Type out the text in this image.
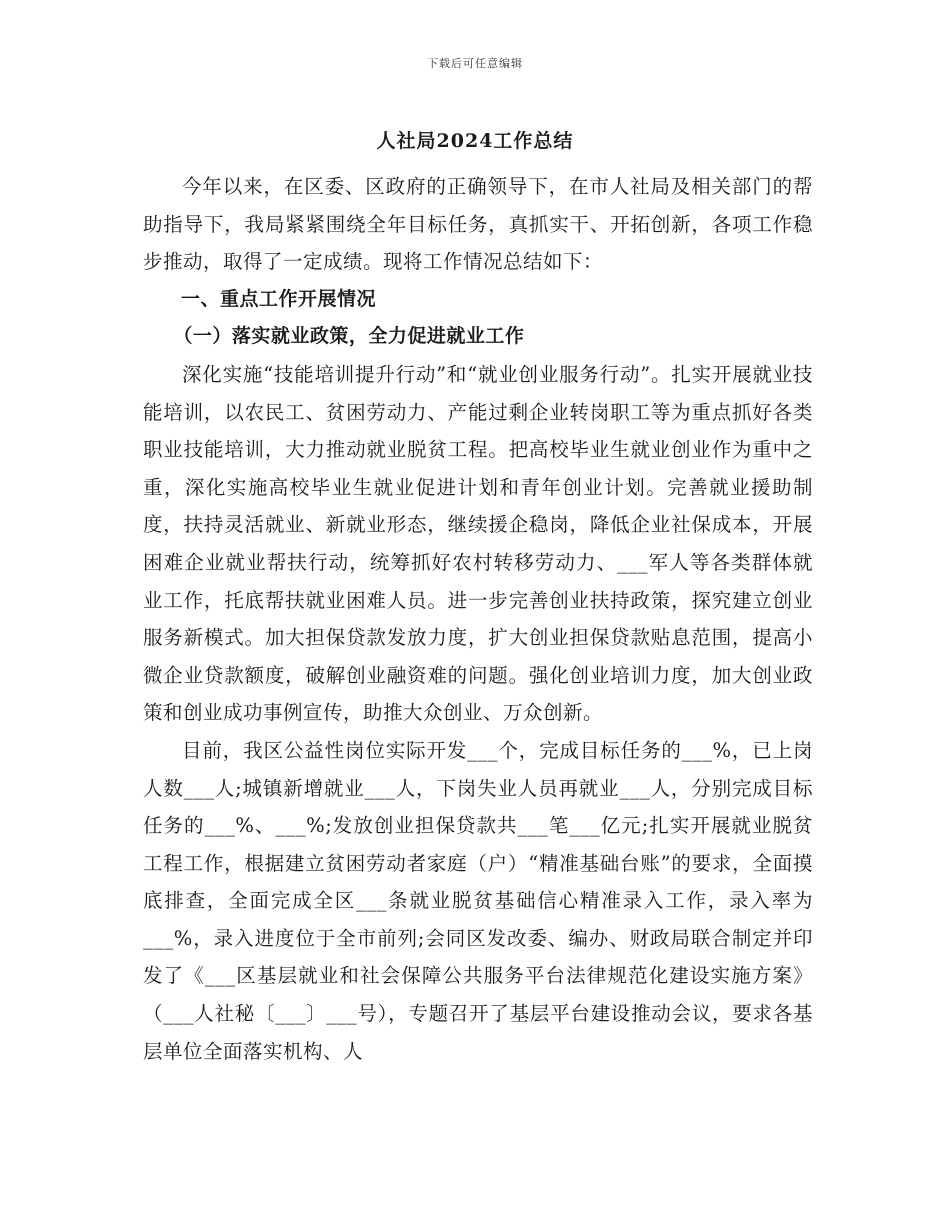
下载后可任意编辑
人社局2024工作总结

今年以来，在区委、区政府的正确领导下，在市人社局及相关部门的帮助指导下，我局紧紧围绕全年目标任务，真抓实干、开拓创新，各项工作稳步推动，取得了一定成绩。现将工作情况总结如下：

一、重点工作开展情况

（一）落实就业政策，全力促进就业工作

深化实施“技能培训提升行动”和“就业创业服务行动”。扎实开展就业技能培训，以农民工、贫困劳动力、产能过剩企业转岗职工等为重点抓好各类职业技能培训，大力推动就业脱贫工程。把高校毕业生就业创业作为重中之重，深化实施高校毕业生就业促进计划和青年创业计划。完善就业援助制度，扶持灵活就业、新就业形态，继续援企稳岗，降低企业社保成本，开展困难企业就业帮扶行动，统筹抓好农村转移劳动力、___军人等各类群体就业工作，托底帮扶就业困难人员。进一步完善创业扶持政策，探究建立创业服务新模式。加大担保贷款发放力度，扩大创业担保贷款贴息范围，提高小微企业贷款额度，破解创业融资难的问题。强化创业培训力度，加大创业政策和创业成功事例宣传，助推大众创业、万众创新。

目前，我区公益性岗位实际开发___个，完成目标任务的___%，已上岗人数___人;城镇新增就业___人，下岗失业人员再就业___人，分别完成目标任务的___%、___%;发放创业担保贷款共___笔___亿元;扎实开展就业脱贫工程工作，根据建立贫困劳动者家庭（户）“精准基础台账”的要求，全面摸底排查，全面完成全区___条就业脱贫基础信心精准录入工作，录入率为___%，录入进度位于全市前列;会同区发改委、编办、财政局联合制定并印发了《___区基层就业和社会保障公共服务平台法律规范化建设实施方案》（___人社秘〔___〕___号），专题召开了基层平台建设推动会议，要求各基层单位全面落实机构、人
